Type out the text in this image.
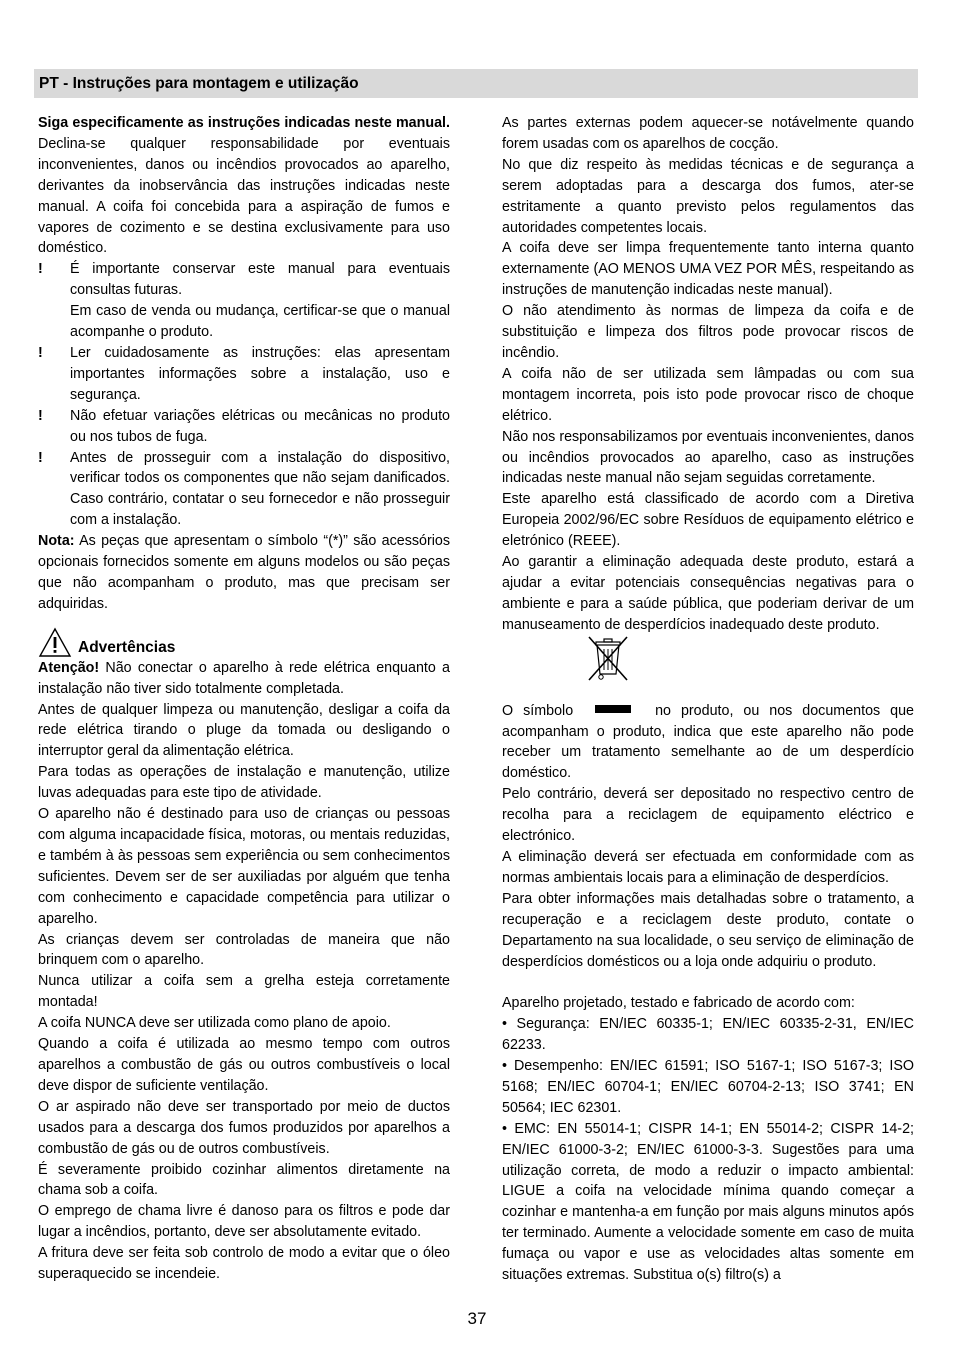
PT - Instruções para montagem e utilização

Siga especificamente as instruções indicadas neste manual. Declina-se qualquer responsabilidade por eventuais inconvenientes, danos ou incêndios provocados ao aparelho, derivantes da inobservância das instruções indicadas neste manual. A coifa foi concebida para a aspiração de fumos e vapores de cozimento e se destina exclusivamente para uso doméstico.

!	É importante conservar este manual para eventuais consultas futuras.

Em caso de venda ou mudança, certificar-se que o manual acompanhe o produto.

!	Ler cuidadosamente as instruções: elas apresentam importantes informações sobre a instalação, uso e segurança.

!	Não efetuar variações elétricas ou mecânicas no produto ou nos tubos de fuga.

!	Antes de prosseguir com a instalação do dispositivo, verificar todos os componentes que não sejam danificados. Caso contrário, contatar o seu fornecedor e não prosseguir com a instalação.

Nota: As peças que apresentam o símbolo “(*)” são acessórios opcionais fornecidos somente em alguns modelos ou são peças que não acompanham o produto, mas que precisam ser adquiridas.

Advertências

Atenção! Não conectar o aparelho à rede elétrica enquanto a instalação não tiver sido totalmente completada.

Antes de qualquer limpeza ou manutenção, desligar a coifa da rede elétrica tirando o pluge da tomada ou desligando o interruptor geral da alimentação elétrica.

Para todas as operações de instalação e manutenção, utilize luvas adequadas para este tipo de atividade.

O aparelho não é destinado para uso de crianças ou pessoas com alguma incapacidade física, motoras, ou mentais reduzidas, e também à às pessoas sem experiência ou sem conhecimentos suficientes. Devem ser de ser auxiliadas por alguém que tenha com conhecimento e capacidade competência para utilizar o aparelho.

As crianças devem ser controladas de maneira que não brinquem com o aparelho.

Nunca utilizar a coifa sem a grelha esteja corretamente montada!

A coifa NUNCA deve ser utilizada como plano de apoio.

Quando a coifa é utilizada ao mesmo tempo com outros aparelhos a combustão de gás ou outros combustíveis o local deve dispor de suficiente ventilação.

O ar aspirado não deve ser transportado por meio de ductos usados para a descarga dos fumos produzidos por aparelhos a combustão de gás ou de outros combustíveis.

É severamente proibido cozinhar alimentos diretamente na chama sob a coifa.

O emprego de chama livre é danoso para os filtros e pode dar lugar a incêndios, portanto, deve ser absolutamente evitado.

A fritura deve ser feita sob controlo de modo a evitar que o óleo superaquecido se incendeie.

As partes externas podem aquecer-se notávelmente quando forem usadas com os aparelhos de cocção.

No que diz respeito às medidas técnicas e de segurança a serem adoptadas para a descarga dos fumos, ater-se estritamente a quanto previsto pelos regulamentos das autoridades competentes locais.

A coifa deve ser limpa frequentemente tanto interna quanto externamente (AO MENOS UMA VEZ POR MÊS, respeitando as instruções de manutenção indicadas neste manual).

O não atendimento às normas de limpeza da coifa e de substituição e limpeza dos filtros pode provocar riscos de incêndio.

A coifa não de ser utilizada sem lâmpadas ou com sua montagem incorreta, pois isto pode provocar risco de choque elétrico.

Não nos responsabilizamos por eventuais inconvenientes, danos ou incêndios provocados ao aparelho, caso as instruções indicadas neste manual não sejam seguidas corretamente.

Este aparelho está classificado de acordo com a Diretiva Europeia 2002/96/EC sobre Resíduos de equipamento elétrico e eletrónico (REEE).

Ao garantir a eliminação adequada deste produto, estará a ajudar a evitar potenciais consequências negativas para o ambiente e para a saúde pública, que poderiam derivar de um manuseamento de desperdícios inadequado deste produto.

O símbolo	no produto, ou nos documentos que acompanham o produto, indica que este aparelho não pode receber um tratamento semelhante ao de um desperdício doméstico.

Pelo contrário, deverá ser depositado no respectivo centro de recolha para a reciclagem de equipamento eléctrico e electrónico.

A eliminação deverá ser efectuada em conformidade com as normas ambientais locais para a eliminação de desperdícios.

Para obter informações mais detalhadas sobre o tratamento, a recuperação e a reciclagem deste produto, contate o Departamento na sua localidade, o seu serviço de eliminação de desperdícios domésticos ou a loja onde adquiriu o produto.

Aparelho projetado, testado e fabricado de acordo com:

• Segurança: EN/IEC 60335-1; EN/IEC 60335-2-31, EN/IEC 62233.

• Desempenho: EN/IEC 61591; ISO 5167-1; ISO 5167-3; ISO 5168; EN/IEC 60704-1; EN/IEC 60704-2-13; ISO 3741; EN 50564; IEC 62301.

• EMC: EN 55014-1; CISPR 14-1; EN 55014-2; CISPR 14-2; EN/IEC 61000-3-2; EN/IEC 61000-3-3. Sugestões para uma utilização correta, de modo a reduzir o impacto ambiental: LIGUE a coifa na velocidade mínima quando começar a cozinhar e mantenha-a em função por mais alguns minutos após ter terminado. Aumente a velocidade somente em caso de muita fumaça ou vapor e use as velocidades altas somente em situações extremas. Substitua o(s) filtro(s) a

37
